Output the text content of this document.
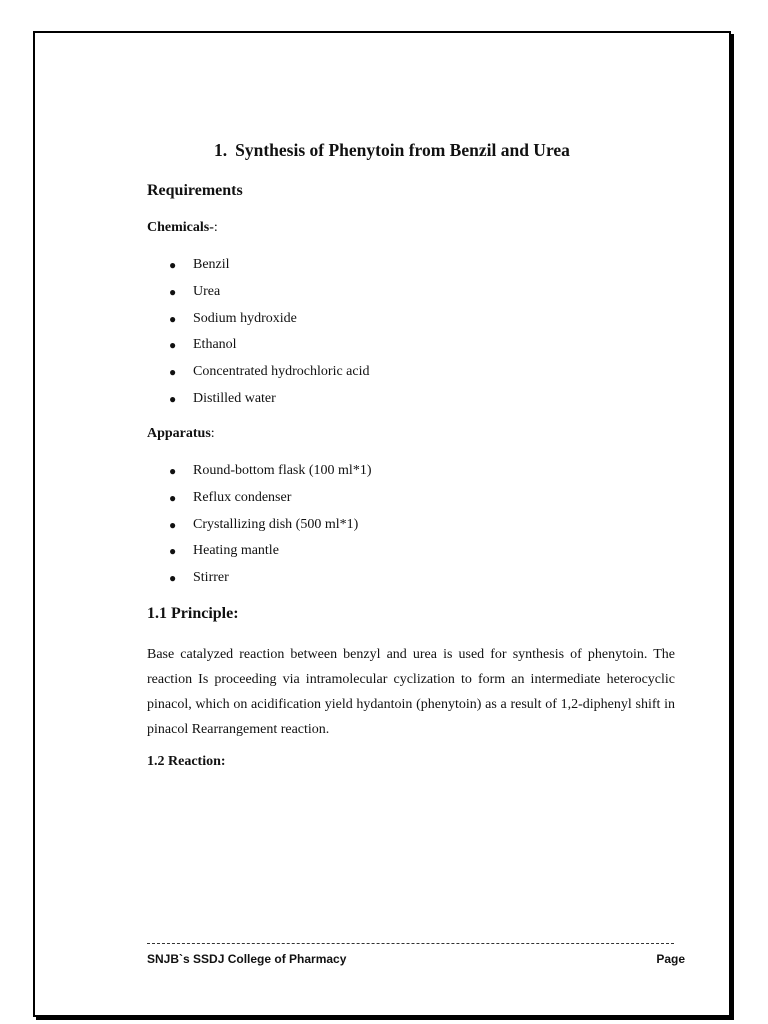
1. Synthesis of Phenytoin from Benzil and Urea
Requirements
Chemicals-:
● Benzil
● Urea
● Sodium hydroxide
● Ethanol
● Concentrated hydrochloric acid
● Distilled water
Apparatus:
● Round-bottom flask (100 ml*1)
● Reflux condenser
● Crystallizing dish (500 ml*1)
● Heating mantle
● Stirrer
1.1 Principle:
Base catalyzed reaction between benzyl and urea is used for synthesis of phenytoin. The reaction Is proceeding via intramolecular cyclization to form an intermediate heterocyclic pinacol, which on acidification yield hydantoin (phenytoin) as a result of 1,2-diphenyl shift in pinacol Rearrangement reaction.
1.2 Reaction:
SNJB`s SSDJ College of Pharmacy	Page
